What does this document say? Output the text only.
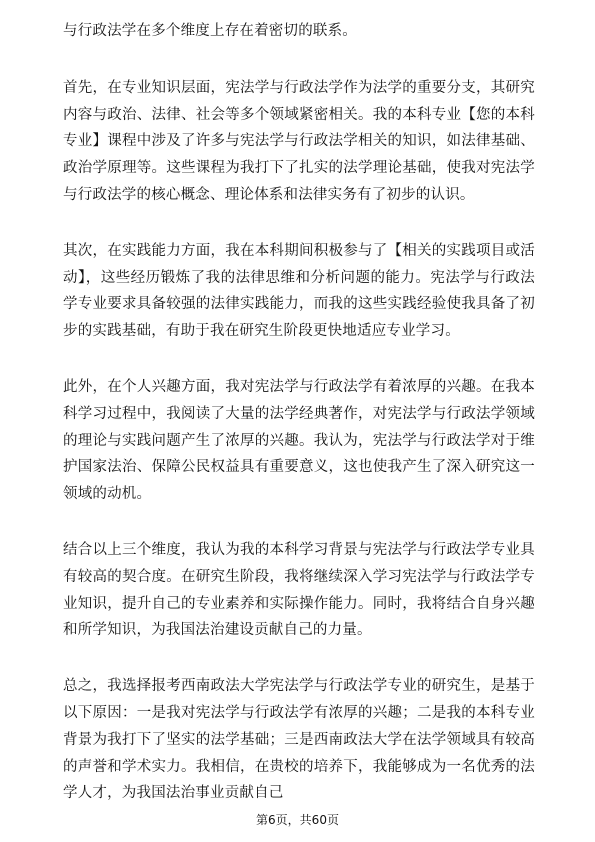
与行政法学在多个维度上存在着密切的联系。

首先，在专业知识层面，宪法学与行政法学作为法学的重要分支，其研究内容与政治、法律、社会等多个领域紧密相关。我的本科专业【您的本科专业】课程中涉及了许多与宪法学与行政法学相关的知识，如法律基础、政治学原理等。这些课程为我打下了扎实的法学理论基础，使我对宪法学与行政法学的核心概念、理论体系和法律实务有了初步的认识。

其次，在实践能力方面，我在本科期间积极参与了【相关的实践项目或活动】，这些经历锻炼了我的法律思维和分析问题的能力。宪法学与行政法学专业要求具备较强的法律实践能力，而我的这些实践经验使我具备了初步的实践基础，有助于我在研究生阶段更快地适应专业学习。

此外，在个人兴趣方面，我对宪法学与行政法学有着浓厚的兴趣。在我本科学习过程中，我阅读了大量的法学经典著作，对宪法学与行政法学领域的理论与实践问题产生了浓厚的兴趣。我认为，宪法学与行政法学对于维护国家法治、保障公民权益具有重要意义，这也使我产生了深入研究这一领域的动机。

结合以上三个维度，我认为我的本科学习背景与宪法学与行政法学专业具有较高的契合度。在研究生阶段，我将继续深入学习宪法学与行政法学专业知识，提升自己的专业素养和实际操作能力。同时，我将结合自身兴趣和所学知识，为我国法治建设贡献自己的力量。

总之，我选择报考西南政法大学宪法学与行政法学专业的研究生，是基于以下原因：一是我对宪法学与行政法学有浓厚的兴趣；二是我的本科专业背景为我打下了坚实的法学基础；三是西南政法大学在法学领域具有较高的声誉和学术实力。我相信，在贵校的培养下，我能够成为一名优秀的法学人才，为我国法治事业贡献自己

第6页，共60页
